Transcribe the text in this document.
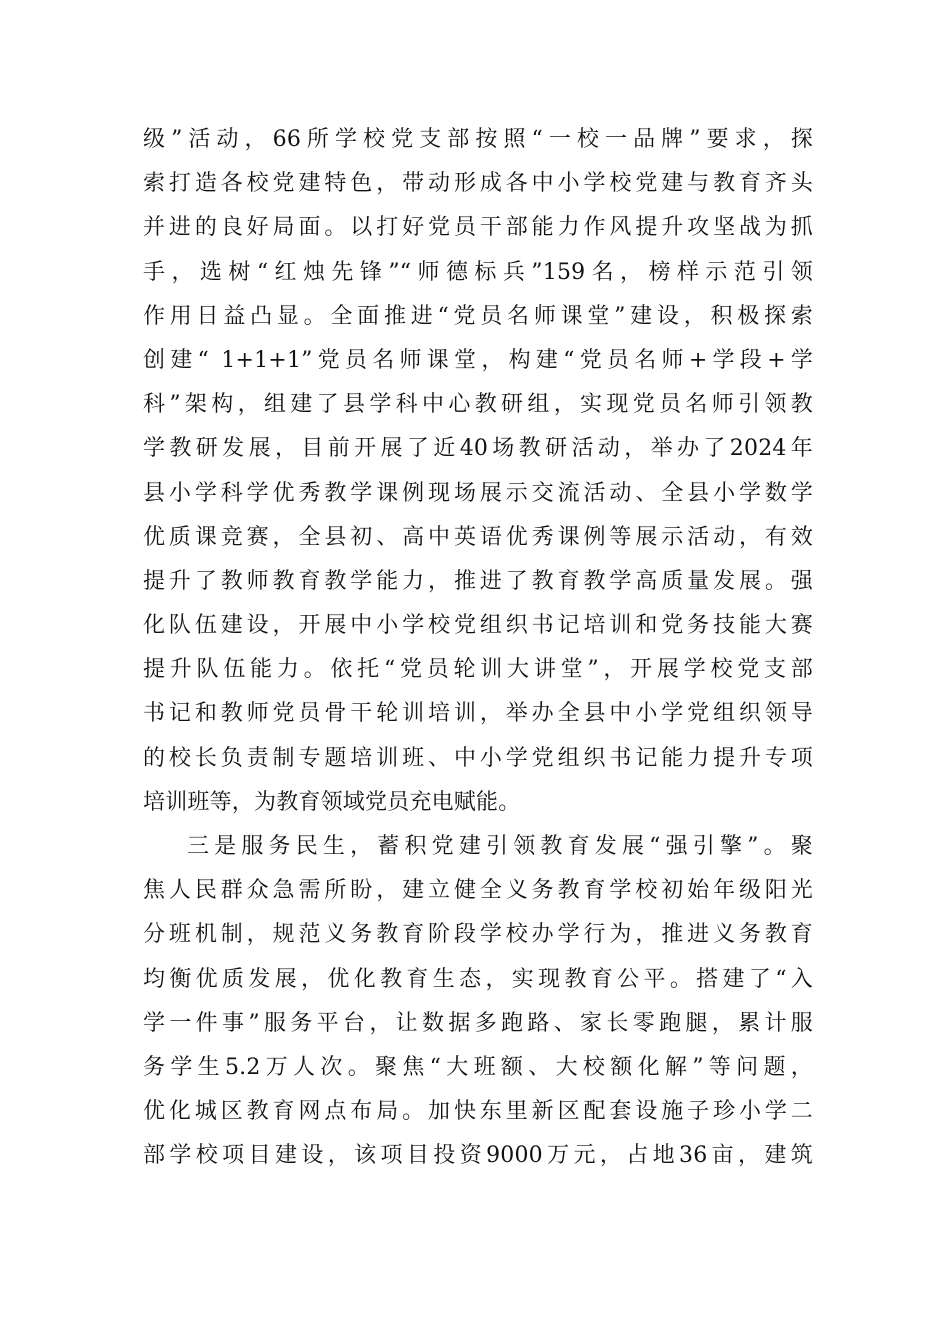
级”活动，66所学校党支部按照“一校一品牌”要求，探
索打造各校党建特色，带动形成各中小学校党建与教育齐头
并进的良好局面。以打好党员干部能力作风提升攻坚战为抓
手，选树“红烛先锋”“师德标兵”159名，榜样示范引领
作用日益凸显。全面推进“党员名师课堂”建设，积极探索
创建“ 1+1+1”党员名师课堂，构建“党员名师+学段+学
科”架构，组建了县学科中心教研组，实现党员名师引领教
学教研发展，目前开展了近40场教研活动，举办了2024年
县小学科学优秀教学课例现场展示交流活动、全县小学数学
优质课竞赛，全县初、高中英语优秀课例等展示活动，有效
提升了教师教育教学能力，推进了教育教学高质量发展。强
化队伍建设，开展中小学校党组织书记培训和党务技能大赛
提升队伍能力。依托“党员轮训大讲堂”，开展学校党支部
书记和教师党员骨干轮训培训，举办全县中小学党组织领导
的校长负责制专题培训班、中小学党组织书记能力提升专项
培训班等，为教育领域党员充电赋能。
三是服务民生，蓄积党建引领教育发展“强引擎”。聚
焦人民群众急需所盼，建立健全义务教育学校初始年级阳光
分班机制，规范义务教育阶段学校办学行为，推进义务教育
均衡优质发展，优化教育生态，实现教育公平。搭建了“入
学一件事”服务平台，让数据多跑路、家长零跑腿，累计服
务学生5.2万人次。聚焦“大班额、大校额化解”等问题，
优化城区教育网点布局。加快东里新区配套设施子珍小学二
部学校项目建设，该项目投资9000万元，占地36亩，建筑
